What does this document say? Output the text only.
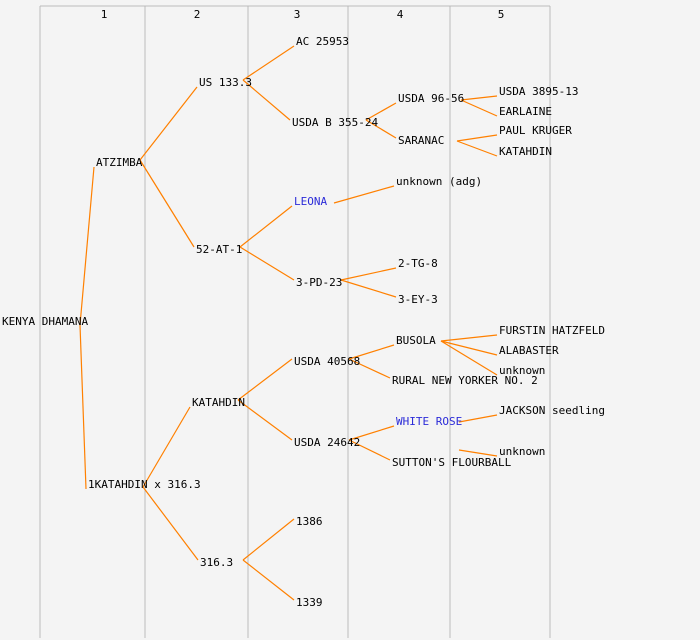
1	2	3	4	5
KENYA DHAMANA
ATZIMBA
1KATAHDIN x 316.3
US 133.3
52-AT-1
KATAHDIN
316.3
AC 25953
USDA B 355-24
LEONA
3-PD-23
USDA 40568
USDA 24642
1386
1339
USDA 96-56
SARANAC
unknown (adg)
2-TG-8
3-EY-3
BUSOLA
RURAL NEW YORKER NO. 2
WHITE ROSE
SUTTON'S FLOURBALL
USDA 3895-13
EARLAINE
PAUL KRUGER
KATAHDIN
FURSTIN HATZFELD
ALABASTER
unknown
JACKSON seedling
unknown
